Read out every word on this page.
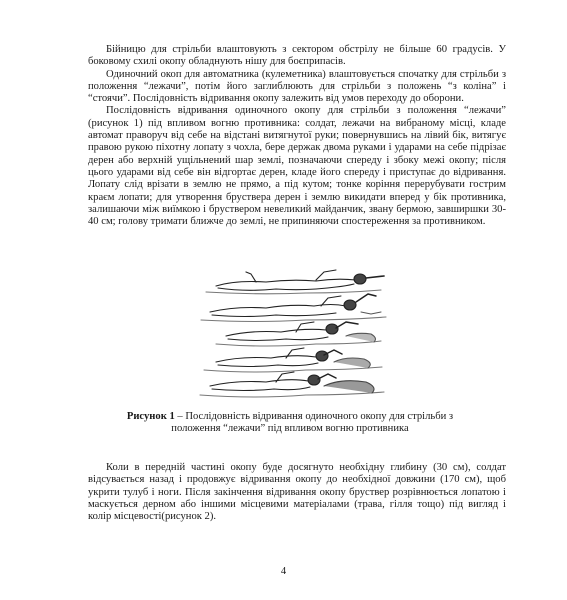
Бійницю для стрільби влаштовують з сектором обстрілу не більше 60 градусів. У боковому схилі окопу обладнують нішу для боєприпасів.

Одиночний окоп для автоматника (кулеметника) влаштовується спочатку для стрільби з положення “лежачи”, потім його заглиблюють для стрільби з положень “з коліна” і “стоячи”. Послідовність відривання окопу залежить від умов переходу до оборони.

Послідовність відривання одиночного окопу для стрільби з положення “лежачи” (рисунок 1) під впливом вогню противника: солдат, лежачи на вибраному місці, кладе автомат праворуч від себе на відстані витягнутої руки; повернувшись на лівий бік, витягує правою рукою піхотну лопату з чохла, бере держак двома руками і ударами на себе підрізає дерен або верхній ущільнений шар землі, позначаючи спереду і збоку межі окопу; після цього ударами від себе він відгортає дерен, кладе його спереду і приступає до відривання. Лопату слід врізати в землю не прямо, а під кутом; тонке коріння перерубувати гострим краєм лопати; для утворення бруствера дерен і землю викидати вперед у бік противника, залишаючи між виїмкою і бруствером невеликий майданчик, звану бермою, завширшки 30-40 см; голову тримати ближче до землі, не припиняючи спостереження за противником.

Рисунок 1 – Послідовність відривання одиночного окопу для стрільби з положення “лежачи” під впливом вогню противника

Коли в передній частині окопу буде досягнуто необхідну глибину (30 см), солдат відсувається назад і продовжує відривання окопу до необхідної довжини (170 см), щоб укрити тулуб і ноги. Після закінчення відривання окопу бруствер розрівнюється лопатою і маскується дерном або іншими місцевими матеріалами (трава, гілля тощо) під вигляд і колір місцевості(рисунок 2).

4
